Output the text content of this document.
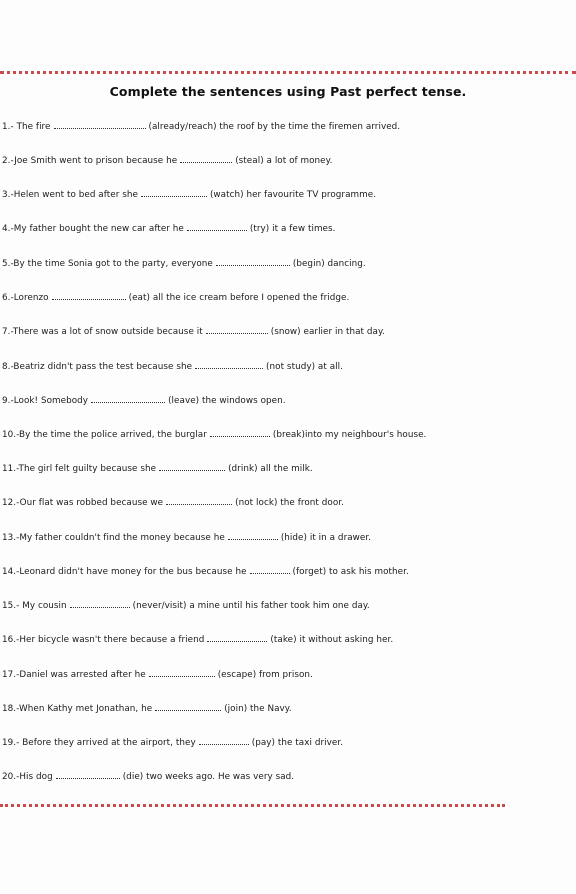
Complete the sentences using Past perfect tense.
1.- The fire	(already/reach) the roof by the time the firemen arrived.
2.-Joe Smith went to prison because he	(steal) a lot of money.
3.-Helen went to bed after she	(watch) her favourite TV programme.
4.-My father bought the new car after he	(try) it a few times.
5.-By the time Sonia got to the party, everyone	(begin) dancing.
6.-Lorenzo	(eat) all the ice cream before I opened the fridge.
7.-There was a lot of snow outside because it	(snow) earlier in that day.
8.-Beatriz didn't pass the test because she	(not study) at all.
9.-Look! Somebody	(leave) the windows open.
10.-By the time the police arrived, the burglar	(break)into my neighbour's house.
11.-The girl felt guilty because she	(drink) all the milk.
12.-Our flat was robbed because we	(not lock) the front door.
13.-My father couldn't find the money because he	(hide) it in a drawer.
14.-Leonard didn't have money for the bus because he	(forget) to ask his mother.
15.- My cousin	(never/visit) a mine until his father took him one day.
16.-Her bicycle wasn't there because a friend	(take) it without asking her.
17.-Daniel was arrested after he	(escape) from prison.
18.-When Kathy met Jonathan, he	(join) the Navy.
19.- Before they arrived at the airport, they	(pay) the taxi driver.
20.-His dog	(die) two weeks ago. He was very sad.
